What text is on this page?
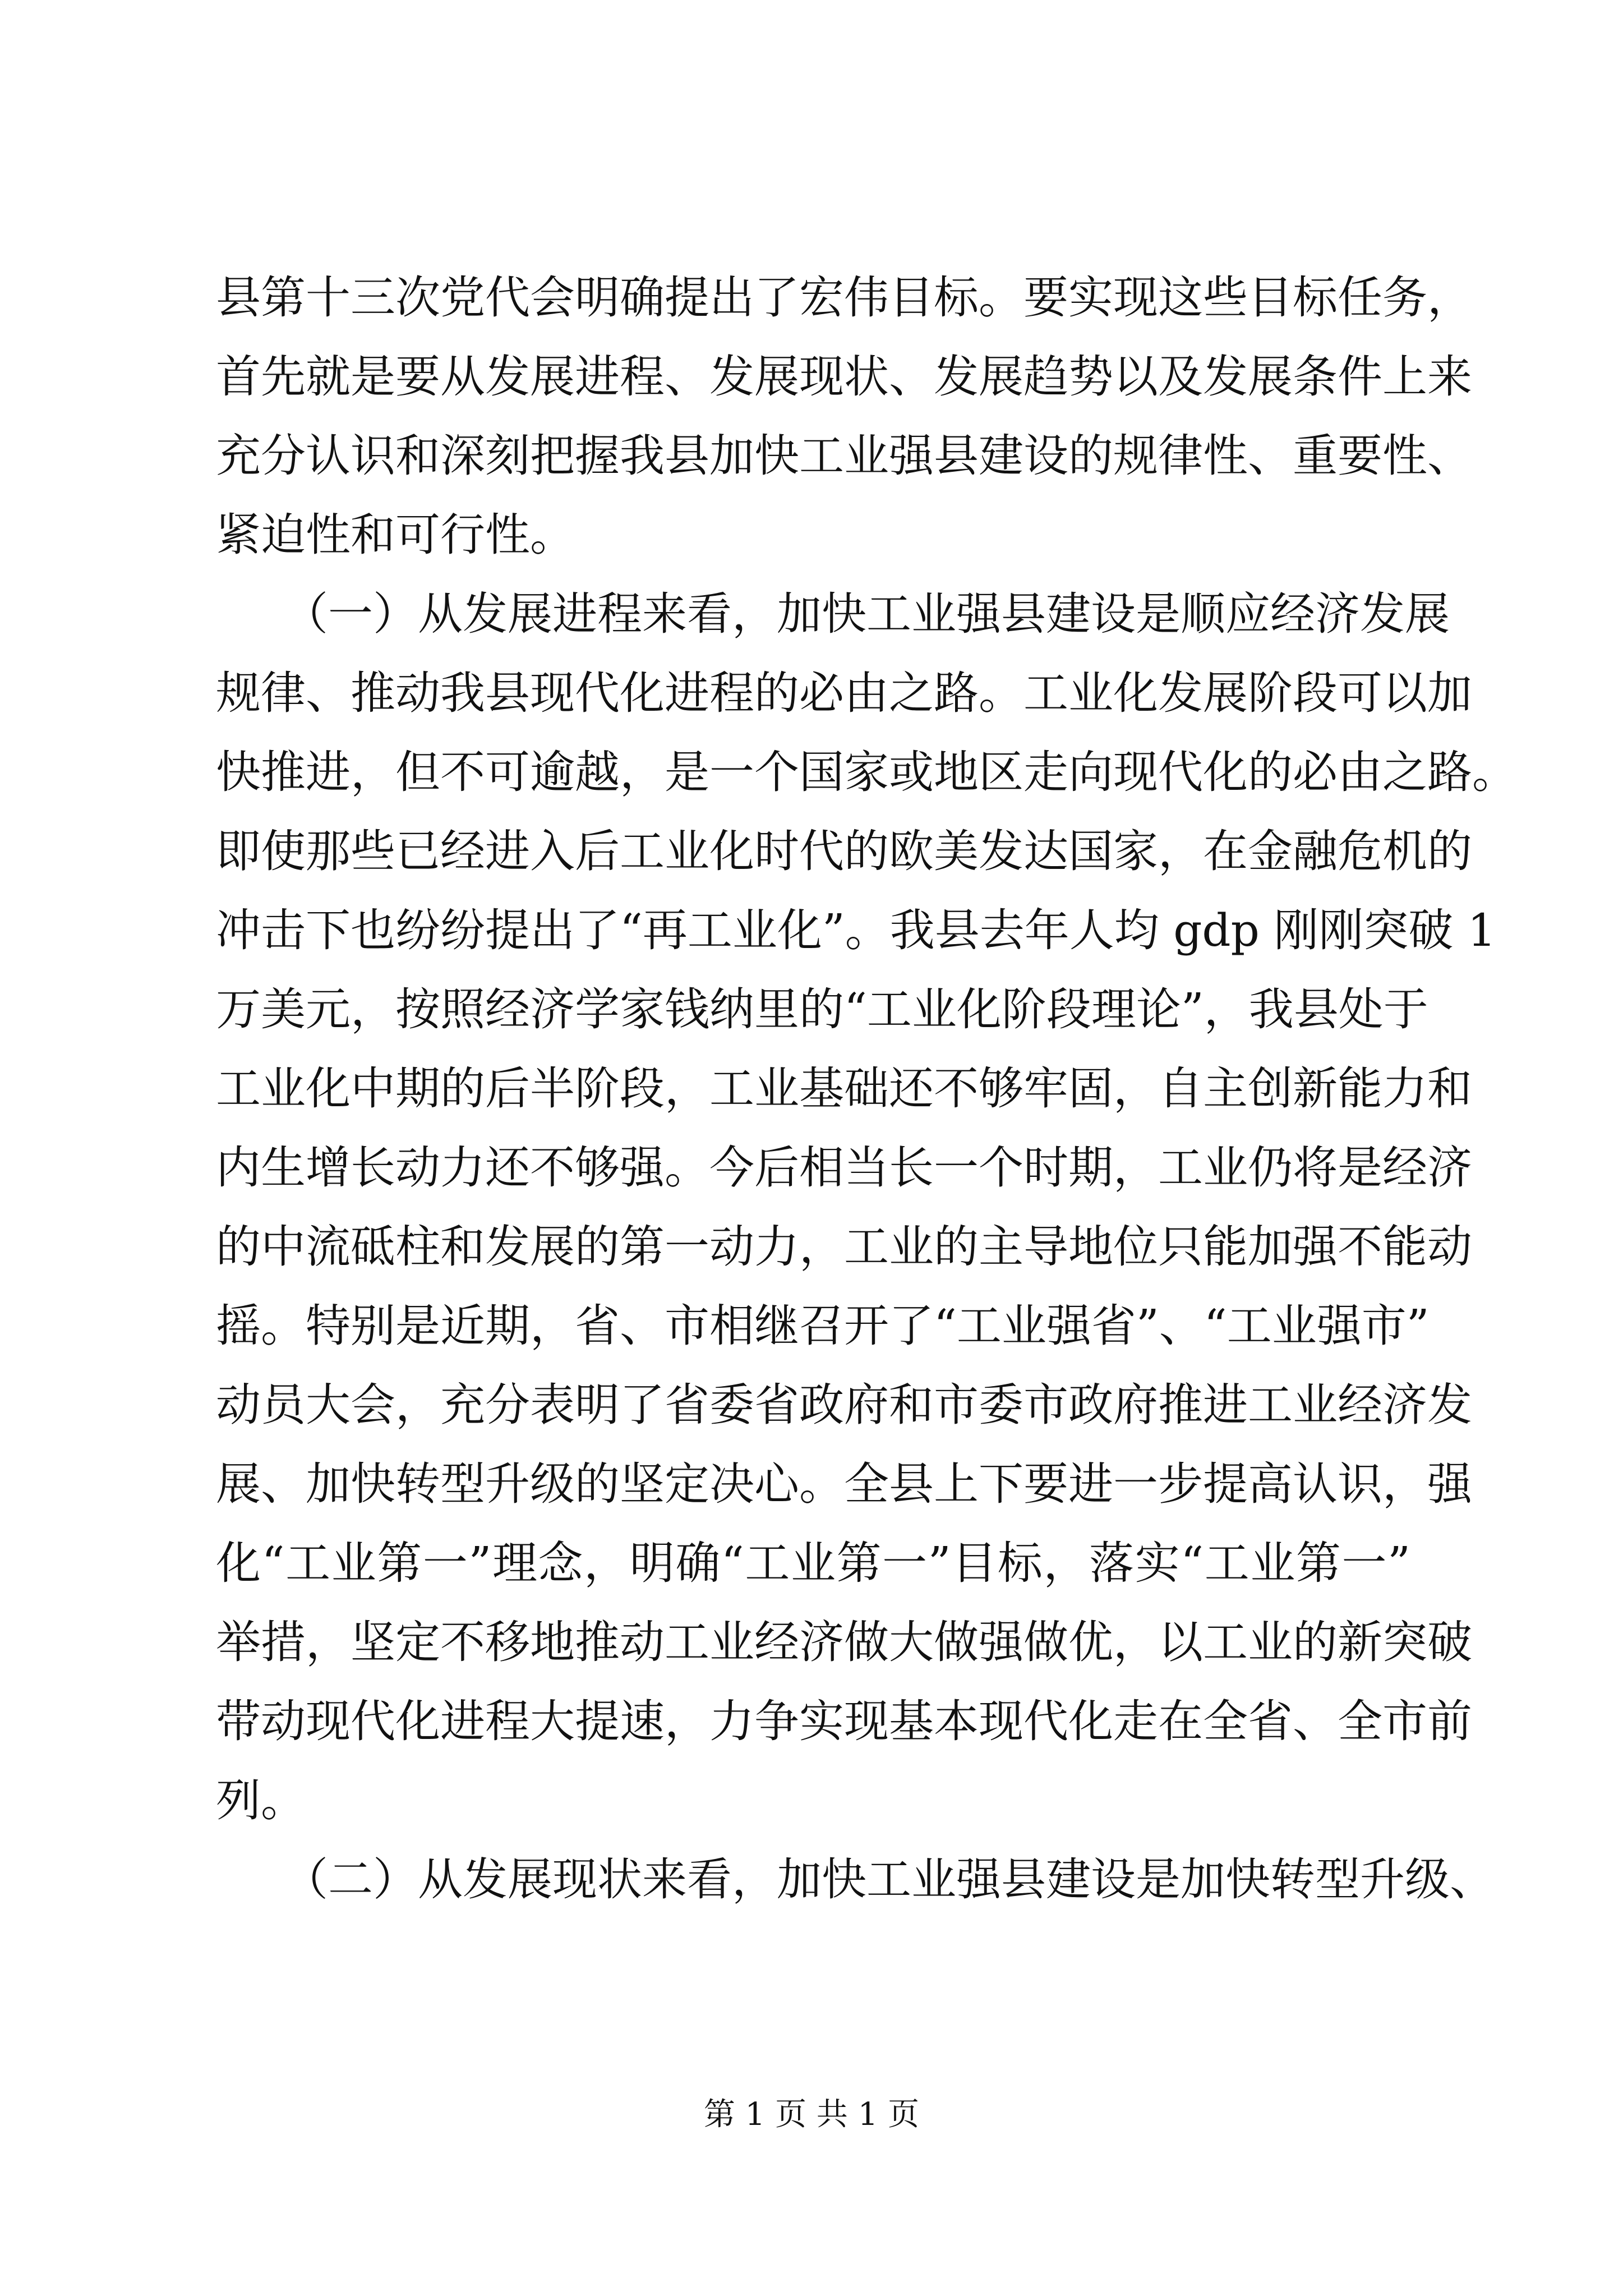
县第十三次党代会明确提出了宏伟目标。要实现这些目标任务，
首先就是要从发展进程、发展现状、发展趋势以及发展条件上来
充分认识和深刻把握我县加快工业强县建设的规律性、重要性、
紧迫性和可行性。
　　（一）从发展进程来看，加快工业强县建设是顺应经济发展
规律、推动我县现代化进程的必由之路。工业化发展阶段可以加
快推进，但不可逾越，是一个国家或地区走向现代化的必由之路。
即使那些已经进入后工业化时代的欧美发达国家，在金融危机的
冲击下也纷纷提出了“再工业化”。我县去年人均 gdp 刚刚突破 1
万美元，按照经济学家钱纳里的“工业化阶段理论”，我县处于
工业化中期的后半阶段，工业基础还不够牢固，自主创新能力和
内生增长动力还不够强。今后相当长一个时期，工业仍将是经济
的中流砥柱和发展的第一动力，工业的主导地位只能加强不能动
摇。特别是近期，省、市相继召开了“工业强省”、“工业强市”
动员大会，充分表明了省委省政府和市委市政府推进工业经济发
展、加快转型升级的坚定决心。全县上下要进一步提高认识，强
化“工业第一”理念，明确“工业第一”目标，落实“工业第一”
举措，坚定不移地推动工业经济做大做强做优，以工业的新突破
带动现代化进程大提速，力争实现基本现代化走在全省、全市前
列。
　　（二）从发展现状来看，加快工业强县建设是加快转型升级、
第 1 页 共 1 页
